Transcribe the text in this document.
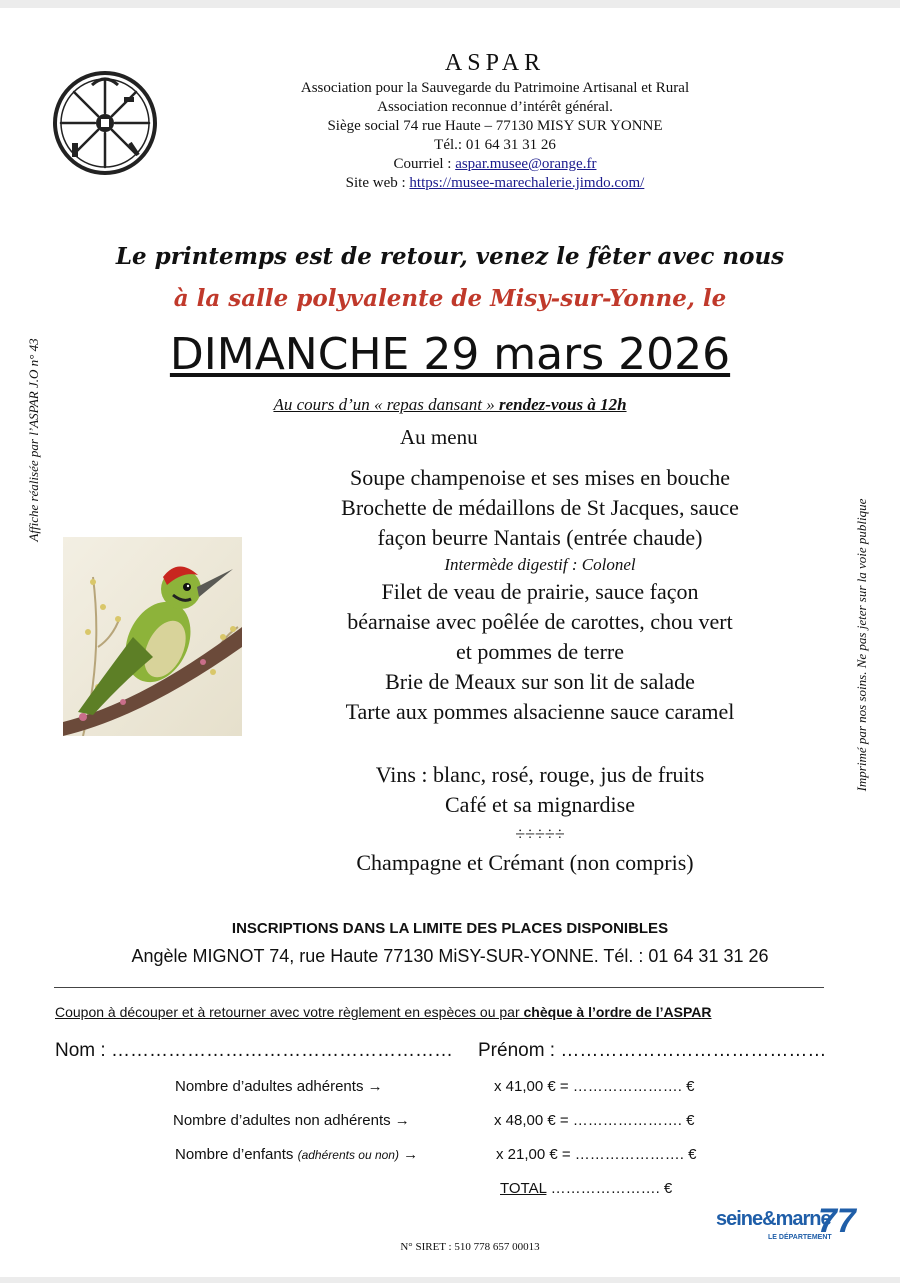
ASPAR
Association pour la Sauvegarde du Patrimoine Artisanal et Rural
Association reconnue d’intérêt général.
Siège social 74 rue Haute – 77130 MISY SUR YONNE
Tél.: 01 64 31 31 26
Courriel : aspar.musee@orange.fr
Site web : https://musee-marechalerie.jimdo.com/
Affiche réalisée par l’ASPAR J.O n° 43
Imprimé par nos soins. Ne pas jeter sur la voie publique
Le printemps est de retour, venez le fêter avec nous
à la salle polyvalente de Misy-sur-Yonne, le
DIMANCHE 29 mars 2026
Au cours d’un « repas dansant » rendez-vous à 12h
Au menu
Soupe champenoise et ses mises en bouche
Brochette de médaillons de St Jacques, sauce
façon beurre Nantais (entrée chaude)
Intermède digestif : Colonel
Filet de veau de prairie, sauce façon
béarnaise avec poêlée de carottes, chou vert
et pommes de terre
Brie de Meaux sur son lit de salade
Tarte aux pommes alsacienne sauce caramel
Vins : blanc, rosé, rouge, jus de fruits
Café et sa mignardise
÷÷÷÷÷
Champagne et Crémant (non compris)
INSCRIPTIONS DANS LA LIMITE DES PLACES DISPONIBLES
Angèle MIGNOT 74, rue Haute 77130 MiSY-SUR-YONNE. Tél. : 01 64 31 31 26
Coupon à découper et à retourner avec votre règlement en espèces ou par chèque à l’ordre de l’ASPAR
Nom : ……………………………………………… Prénom : ……………………………………
Nombre d’adultes adhérents →	x 41,00 € = …………………. €
Nombre d’adultes non adhérents →	x 48,00 € = …………………. €
Nombre d’enfants (adhérents ou non) →	x 21,00 € = …………………. €
TOTAL …………………. €
N° SIRET : 510 778 657 00013
seine&marne
77
LE DÉPARTEMENT
